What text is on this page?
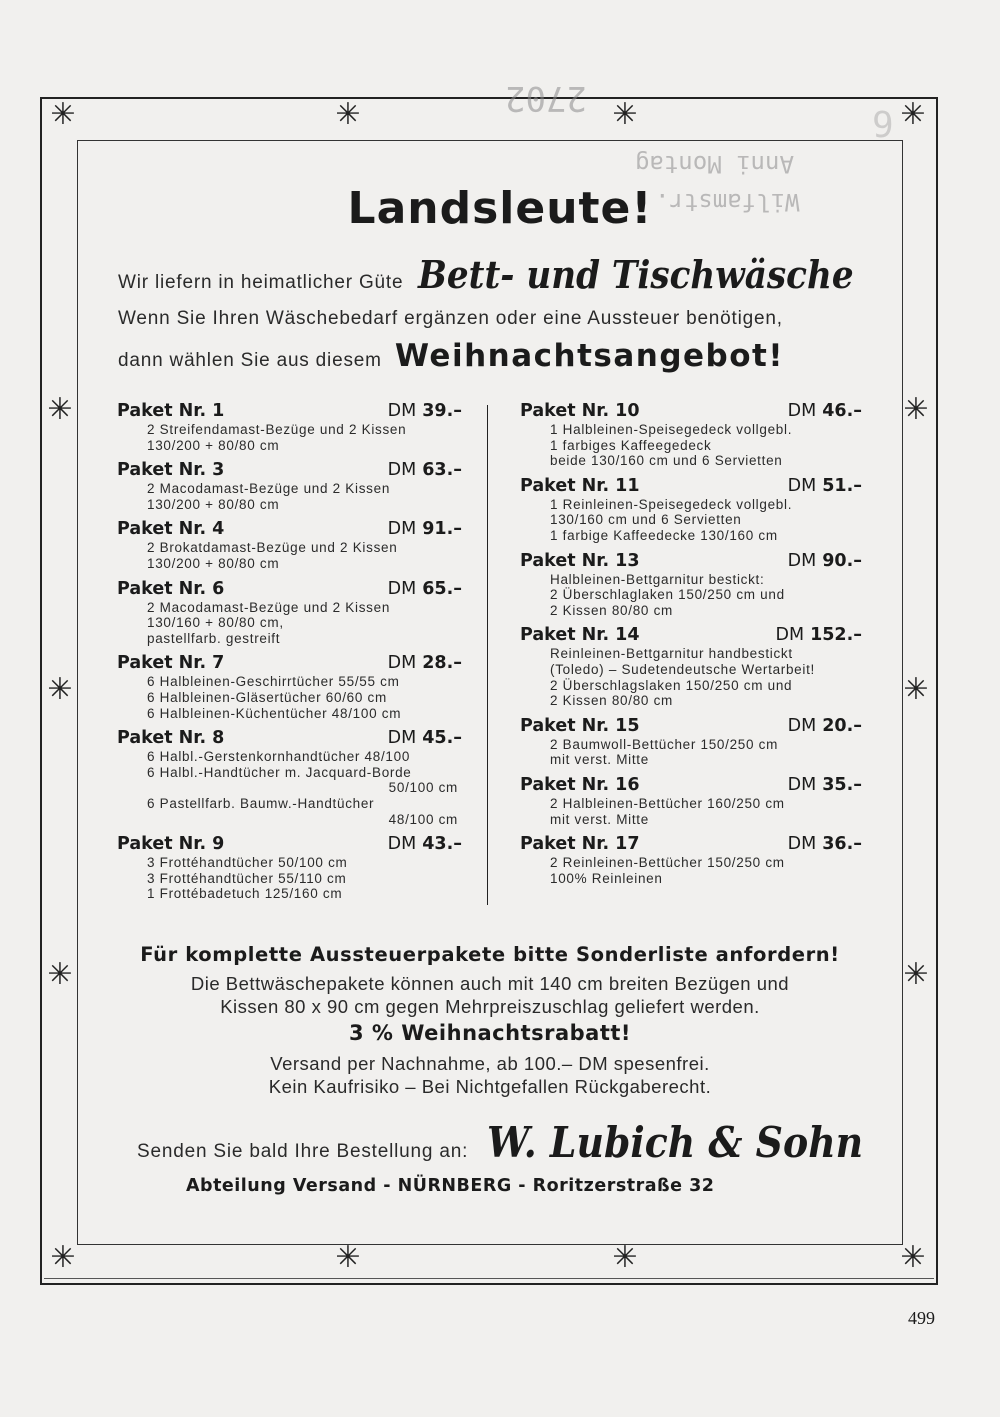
✳	✳	✳	✳
✳	✳
✳	✳
✳	✳
✳	✳	✳	✳
2702
Anni Montag
Wilfamstr.
9
Landsleute!
Wir liefern in heimatlicher Güte Bett- und Tischwäsche
Wenn Sie Ihren Wäschebedarf ergänzen oder eine Aussteuer benötigen,
dann wählen Sie aus diesem Weihnachtsangebot!
Paket Nr. 1	DM 39.–
2 Streifendamast-Bezüge und 2 Kissen
130/200 + 80/80 cm
Paket Nr. 3	DM 63.–
2 Macodamast-Bezüge und 2 Kissen
130/200 + 80/80 cm
Paket Nr. 4	DM 91.–
2 Brokatdamast-Bezüge und 2 Kissen
130/200 + 80/80 cm
Paket Nr. 6	DM 65.–
2 Macodamast-Bezüge und 2 Kissen
130/160 + 80/80 cm,
pastellfarb. gestreift
Paket Nr. 7	DM 28.–
6 Halbleinen-Geschirrtücher 55/55 cm
6 Halbleinen-Gläsertücher 60/60 cm
6 Halbleinen-Küchentücher 48/100 cm
Paket Nr. 8	DM 45.–
6 Halbl.-Gerstenkornhandtücher 48/100
6 Halbl.-Handtücher m. Jacquard-Borde
50/100 cm
6 Pastellfarb. Baumw.-Handtücher
48/100 cm
Paket Nr. 9	DM 43.–
3 Frottéhandtücher 50/100 cm
3 Frottéhandtücher 55/110 cm
1 Frottébadetuch 125/160 cm
Paket Nr. 10	DM 46.–
1 Halbleinen-Speisegedeck vollgebl.
1 farbiges Kaffeegedeck
beide 130/160 cm und 6 Servietten
Paket Nr. 11	DM 51.–
1 Reinleinen-Speisegedeck vollgebl.
130/160 cm und 6 Servietten
1 farbige Kaffeedecke 130/160 cm
Paket Nr. 13	DM 90.–
Halbleinen-Bettgarnitur bestickt:
2 Überschlaglaken 150/250 cm und
2 Kissen 80/80 cm
Paket Nr. 14	DM 152.–
Reinleinen-Bettgarnitur handbestickt
(Toledo) – Sudetendeutsche Wertarbeit!
2 Überschlagslaken 150/250 cm und
2 Kissen 80/80 cm
Paket Nr. 15	DM 20.–
2 Baumwoll-Bettücher 150/250 cm
mit verst. Mitte
Paket Nr. 16	DM 35.–
2 Halbleinen-Bettücher 160/250 cm
mit verst. Mitte
Paket Nr. 17	DM 36.–
2 Reinleinen-Bettücher 150/250 cm
100% Reinleinen
Für komplette Aussteuerpakete bitte Sonderliste anfordern!
Die Bettwäschepakete können auch mit 140 cm breiten Bezügen und
Kissen 80 x 90 cm gegen Mehrpreiszuschlag geliefert werden.
3 % Weihnachtsrabatt!
Versand per Nachnahme, ab 100.– DM spesenfrei.
Kein Kaufrisiko – Bei Nichtgefallen Rückgaberecht.
Senden Sie bald Ihre Bestellung an: W. Lubich & Sohn
Abteilung Versand - NÜRNBERG - Roritzerstraße 32
499
